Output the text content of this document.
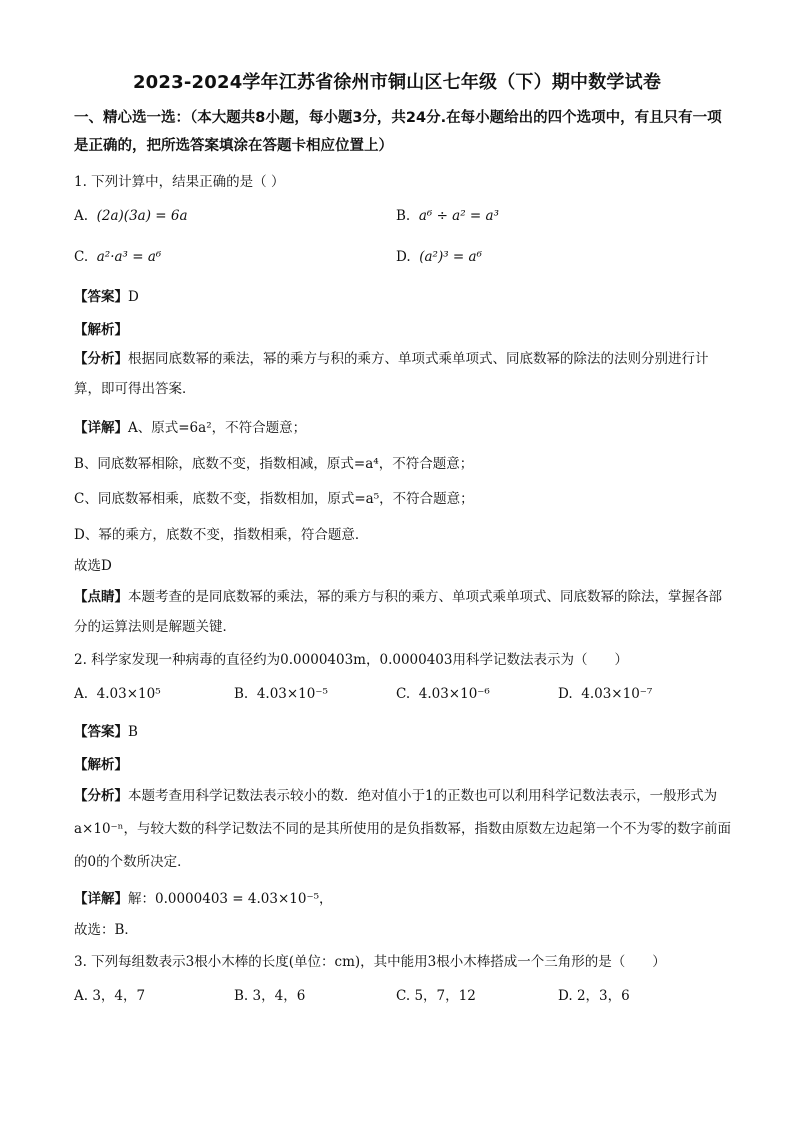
2023-2024学年江苏省徐州市铜山区七年级（下）期中数学试卷
一、精心选一选：（本大题共8小题，每小题3分，共24分.在每小题给出的四个选项中，有且只有一项是正确的，把所选答案填涂在答题卡相应位置上）
1. 下列计算中，结果正确的是（ ）
A. (2a)(3a) = 6a	B. a⁶ ÷ a² = a³
C. a²·a³ = a⁶	D. (a²)³ = a⁶
【答案】D
【解析】
【分析】根据同底数幂的乘法，幂的乘方与积的乘方、单项式乘单项式、同底数幂的除法的法则分别进行计算，即可得出答案．
【详解】A、原式=6a²，不符合题意；
B、同底数幂相除，底数不变，指数相减，原式=a⁴，不符合题意；
C、同底数幂相乘，底数不变，指数相加，原式=a⁵，不符合题意；
D、幂的乘方，底数不变，指数相乘，符合题意．
故选D
【点睛】本题考查的是同底数幂的乘法，幂的乘方与积的乘方、单项式乘单项式、同底数幂的除法，掌握各部分的运算法则是解题关键．
2. 科学家发现一种病毒的直径约为0.0000403m，0.0000403用科学记数法表示为（　　）
A. 4.03×10⁵	B. 4.03×10⁻⁵	C. 4.03×10⁻⁶	D. 4.03×10⁻⁷
【答案】B
【解析】
【分析】本题考查用科学记数法表示较小的数．绝对值小于1的正数也可以利用科学记数法表示，一般形式为a×10⁻ⁿ，与较大数的科学记数法不同的是其所使用的是负指数幂，指数由原数左边起第一个不为零的数字前面的0的个数所决定．
【详解】解：0.0000403 = 4.03×10⁻⁵，
故选：B．
3. 下列每组数表示3根小木棒的长度(单位：cm)，其中能用3根小木棒搭成一个三角形的是（　　）
A. 3，4，7	B. 3，4，6	C. 5，7，12	D. 2，3，6
